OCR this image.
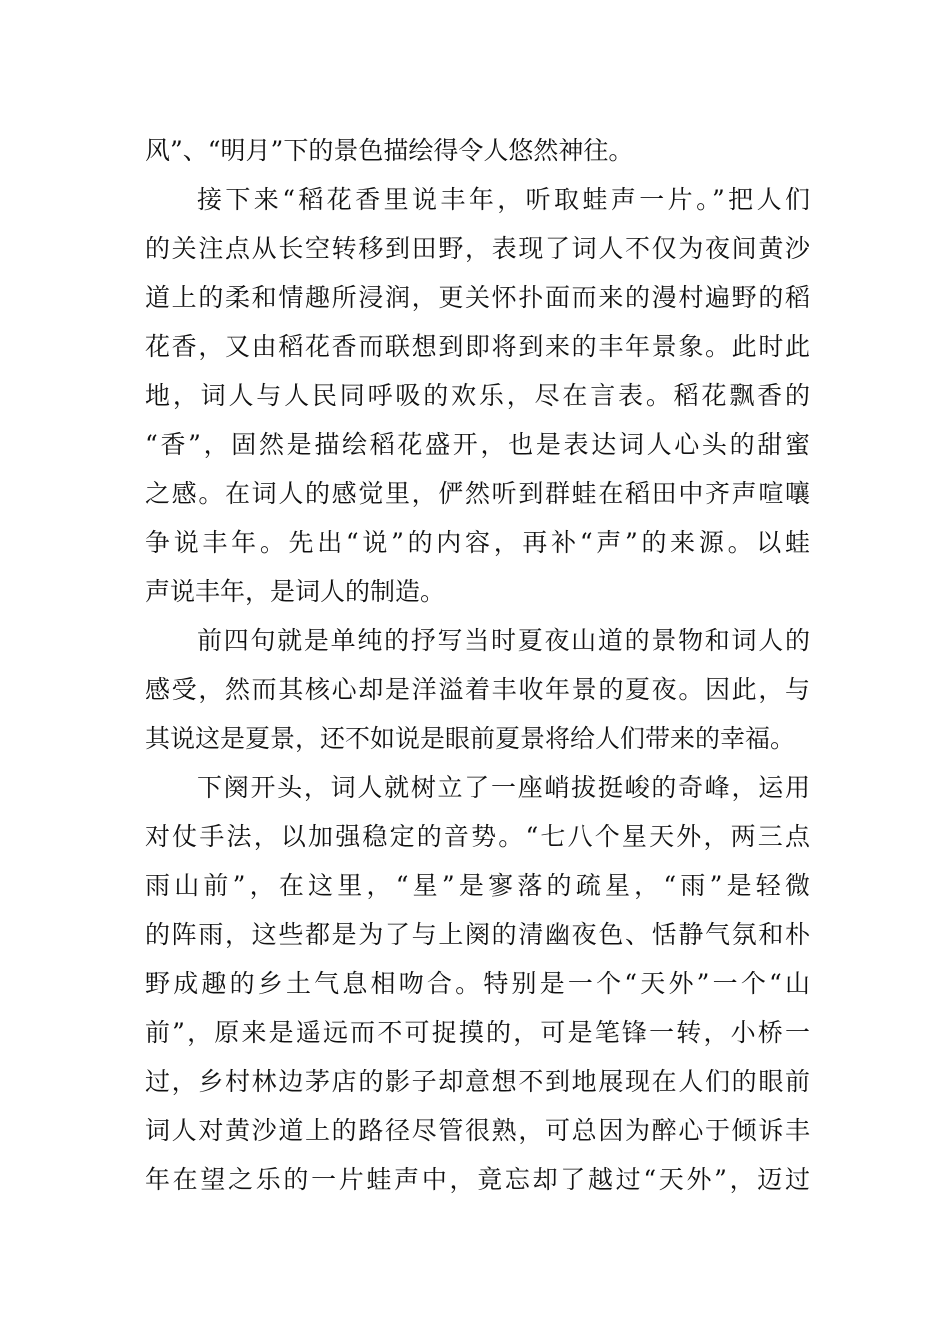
风”、“明月”下的景色描绘得令人悠然神往。
接下来“稻花香里说丰年，听取蛙声一片。”把人们
的关注点从长空转移到田野，表现了词人不仅为夜间黄沙
道上的柔和情趣所浸润，更关怀扑面而来的漫村遍野的稻
花香，又由稻花香而联想到即将到来的丰年景象。此时此
地，词人与人民同呼吸的欢乐，尽在言表。稻花飘香的
“香”，固然是描绘稻花盛开，也是表达词人心头的甜蜜
之感。在词人的感觉里，俨然听到群蛙在稻田中齐声喧嚷
争说丰年。先出“说”的内容，再补“声”的来源。以蛙
声说丰年，是词人的制造。
前四句就是单纯的抒写当时夏夜山道的景物和词人的
感受，然而其核心却是洋溢着丰收年景的夏夜。因此，与
其说这是夏景，还不如说是眼前夏景将给人们带来的幸福。
下阕开头，词人就树立了一座峭拔挺峻的奇峰，运用
对仗手法，以加强稳定的音势。“七八个星天外，两三点
雨山前”，在这里，“星”是寥落的疏星，“雨”是轻微
的阵雨，这些都是为了与上阕的清幽夜色、恬静气氛和朴
野成趣的乡土气息相吻合。特别是一个“天外”一个“山
前”，原来是遥远而不可捉摸的，可是笔锋一转，小桥一
过，乡村林边茅店的影子却意想不到地展现在人们的眼前
词人对黄沙道上的路径尽管很熟，可总因为醉心于倾诉丰
年在望之乐的一片蛙声中，竟忘却了越过“天外”，迈过
